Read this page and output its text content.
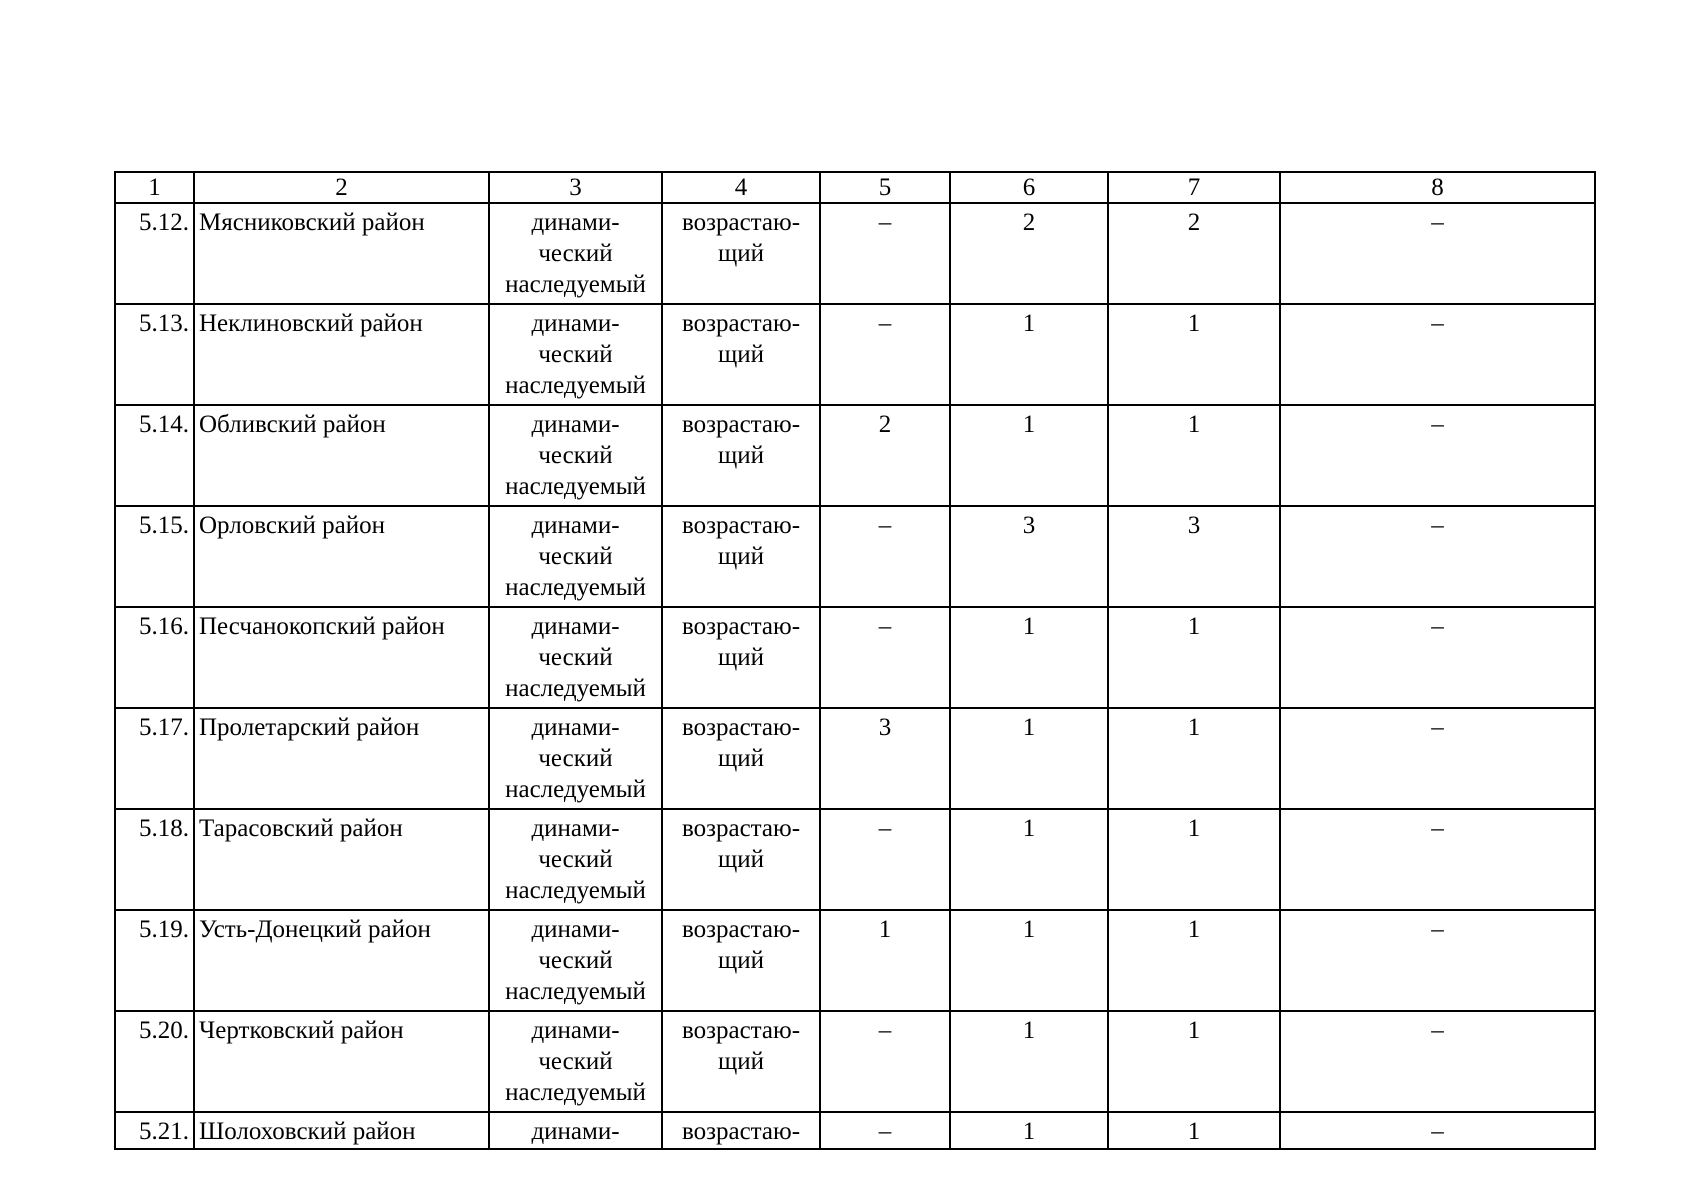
1	2	3	4	5	6	7	8
5.12.	Мясниковский район	динами-
ческий
наследуемый	возрастаю-
щий	–	2	2	–
5.13.	Неклиновский район	динами-
ческий
наследуемый	возрастаю-
щий	–	1	1	–
5.14.	Обливский район	динами-
ческий
наследуемый	возрастаю-
щий	2	1	1	–
5.15.	Орловский район	динами-
ческий
наследуемый	возрастаю-
щий	–	3	3	–
5.16.	Песчанокопский район	динами-
ческий
наследуемый	возрастаю-
щий	–	1	1	–
5.17.	Пролетарский район	динами-
ческий
наследуемый	возрастаю-
щий	3	1	1	–
5.18.	Тарасовский район	динами-
ческий
наследуемый	возрастаю-
щий	–	1	1	–
5.19.	Усть-Донецкий район	динами-
ческий
наследуемый	возрастаю-
щий	1	1	1	–
5.20.	Чертковский район	динами-
ческий
наследуемый	возрастаю-
щий	–	1	1	–
5.21.	Шолоховский район	динами-	возрастаю-	–	1	1	–
